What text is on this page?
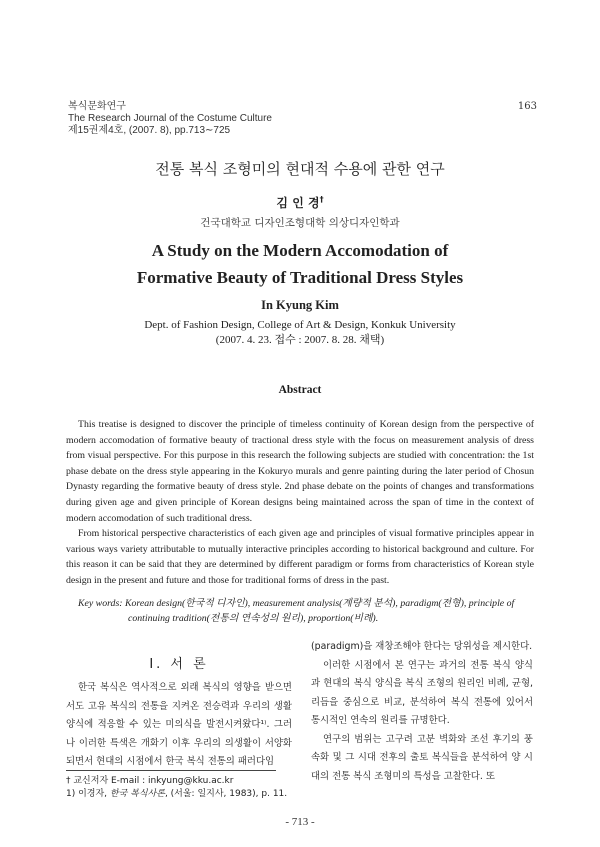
복식문화연구
The Research Journal of the Costume Culture
제15권제4호, (2007. 8), pp.713∼725
163
전통 복식 조형미의 현대적 수용에 관한 연구
김 인 경†
건국대학교 디자인조형대학 의상디자인학과
A Study on the Modern Accomodation of
Formative Beauty of Traditional Dress Styles
In Kyung Kim
Dept. of Fashion Design, College of Art & Design, Konkuk University
(2007. 4. 23. 접수 : 2007. 8. 28. 채택)
Abstract

This treatise is designed to discover the principle of timeless continuity of Korean design from the perspective of modern accomodation of formative beauty of tractional dress style with the focus on measurement analysis of dress from visual perspective. For this purpose in this research the following subjects are studied with concentration: the 1st phase debate on the dress style appearing in the Kokuryo murals and genre painting during the later period of Chosun Dynasty regarding the formative beauty of dress style. 2nd phase debate on the points of changes and transformations during given age and given principle of Korean designs being maintained across the span of time in the context of modern accomodation of such traditional dress.

From historical perspective characteristics of each given age and principles of visual formative principles appear in various ways variety attributable to mutually interactive principles according to historical background and culture. For this reason it can be said that they are determined by different paradigm or forms from characteristics of Korean style design in the present and future and those for traditional forms of dress in the past.

Key words: Korean design(한국적 디자인), measurement analysis(계량적 분석), paradigm(전형), principle of
continuing tradition(전통의 연속성의 원리), proportion(비례).
Ⅰ. 서 론

한국 복식은 역사적으로 외래 복식의 영향을 받으면서도 고유 복식의 전통을 지켜온 전승력과 우리의 생활양식에 적응할 수 있는 미의식을 발전시켜왔다¹⁾. 그러나 이러한 특색은 개화기 이후 우리의 의생활이 서양화되면서 현대의 시점에서 한국 복식 전통의 패러다임

(paradigm)을 재창조해야 한다는 당위성을 제시한다.

이러한 시점에서 본 연구는 과거의 전통 복식 양식과 현대의 복식 양식을 복식 조형의 원리인 비례, 균형, 리듬을 중심으로 비교, 분석하여 복식 전통에 있어서 통시적인 연속의 원리를 규명한다.

연구의 범위는 고구려 고분 벽화와 조선 후기의 풍속화 및 그 시대 전후의 출토 복식들을 분석하여 양 시대의 전통 복식 조형미의 특성을 고찰한다. 또

† 교신저자 E-mail : inkyung@kku.ac.kr
1) 이경자, 한국 복식사론, (서울: 일지사, 1983), p. 11.
- 713 -
